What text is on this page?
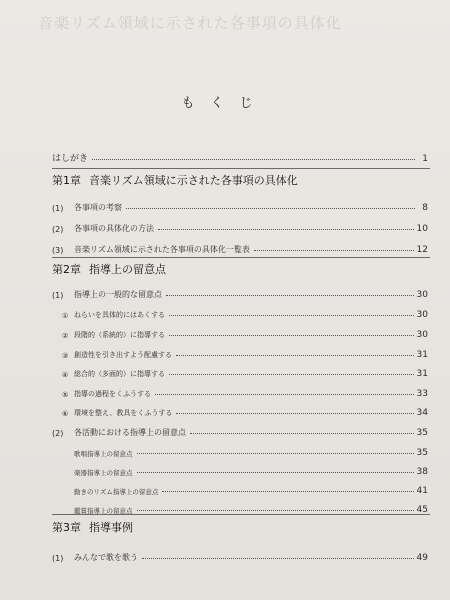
音楽リズム領域に示された各事項の具体化
もくじ
はしがき	1
第1章 音楽リズム領域に示された各事項の具体化
(1)	各事項の考察	8
(2)	各事項の具体化の方法	10
(3)	音楽リズム領域に示された各事項の具体化一覧表	12
第2章 指導上の留意点
(1)	指導上の一般的な留意点	30
① ねらいを具体的にはあくする	30
② 段階的（系統的）に指導する	30
③ 創造性を引き出すよう配慮する	31
④ 総合的（多面的）に指導する	31
⑤ 指導の過程をくふうする	33
⑥ 環境を整え、教具をくふうする	34
(2)	各活動における指導上の留意点	35
歌唱指導上の留意点	35
楽器指導上の留意点	38
動きのリズム指導上の留意点	41
鑑賞指導上の留意点	45
第3章 指導事例
(1)	みんなで歌を歌う	49
